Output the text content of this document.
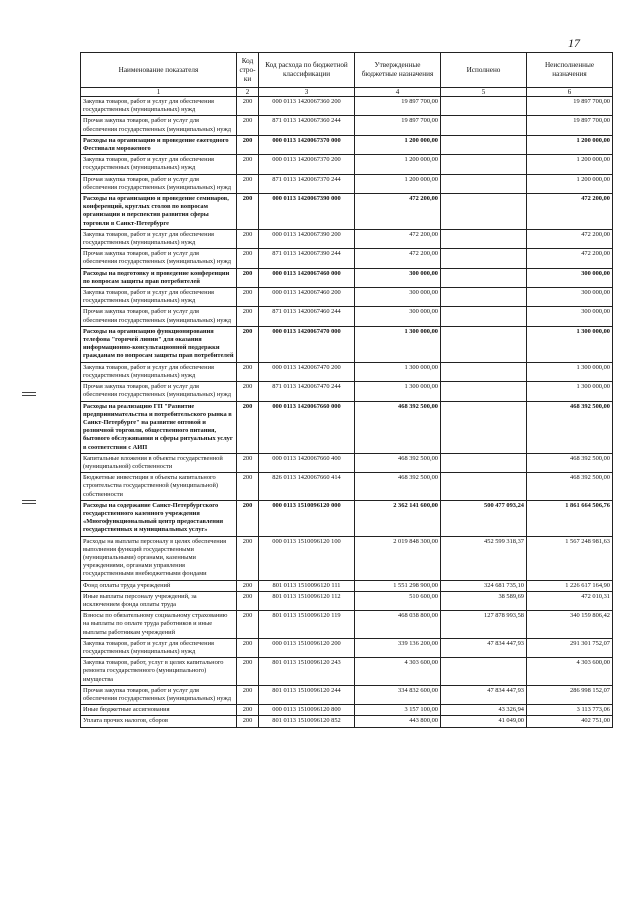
17
Наименование показателя	Код стро-ки	Код расхода по бюджетной классификации	Утвержденные бюджетные назначения	Исполнено	Неисполненные назначения
1	2	3	4	5	6
Закупка товаров, работ и услуг для обеспечения государственных (муниципальных) нужд	200	000 0113 1420067360 200	19 897 700,00		19 897 700,00
Прочая закупка товаров, работ и услуг для обеспечения государственных (муниципальных) нужд	200	871 0113 1420067360 244	19 897 700,00		19 897 700,00
Расходы на организацию и проведение ежегодного Фестиваля мороженого	200	000 0113 1420067370 000	1 200 000,00		1 200 000,00
Закупка товаров, работ и услуг для обеспечения государственных (муниципальных) нужд	200	000 0113 1420067370 200	1 200 000,00		1 200 000,00
Прочая закупка товаров, работ и услуг для обеспечения государственных (муниципальных) нужд	200	871 0113 1420067370 244	1 200 000,00		1 200 000,00
Расходы на организацию и проведение семинаров, конференций, круглых столов по вопросам организации и перспектив развития сферы торговли в Санкт-Петербурге	200	000 0113 1420067390 000	472 200,00		472 200,00
Закупка товаров, работ и услуг для обеспечения государственных (муниципальных) нужд	200	000 0113 1420067390 200	472 200,00		472 200,00
Прочая закупка товаров, работ и услуг для обеспечения государственных (муниципальных) нужд	200	871 0113 1420067390 244	472 200,00		472 200,00
Расходы на подготовку и проведение конференции по вопросам защиты прав потребителей	200	000 0113 1420067460 000	300 000,00		300 000,00
Закупка товаров, работ и услуг для обеспечения государственных (муниципальных) нужд	200	000 0113 1420067460 200	300 000,00		300 000,00
Прочая закупка товаров, работ и услуг для обеспечения государственных (муниципальных) нужд	200	871 0113 1420067460 244	300 000,00		300 000,00
Расходы на организацию функционирования телефона "горячей линии" для оказания информационно-консультационной поддержки гражданам по вопросам защиты прав потребителей	200	000 0113 1420067470 000	1 300 000,00		1 300 000,00
Закупка товаров, работ и услуг для обеспечения государственных (муниципальных) нужд	200	000 0113 1420067470 200	1 300 000,00		1 300 000,00
Прочая закупка товаров, работ и услуг для обеспечения государственных (муниципальных) нужд	200	871 0113 1420067470 244	1 300 000,00		1 300 000,00
Расходы на реализацию ГП "Развитие предпринимательства и потребительского рынка в Санкт-Петербурге" на развитие оптовой и розничной торговли, общественного питания, бытового обслуживания и сферы ритуальных услуг в соответствии с АИП	200	000 0113 1420067660 000	468 392 500,00		468 392 500,00
Капитальные вложения в объекты государственной (муниципальной) собственности	200	000 0113 1420067660 400	468 392 500,00		468 392 500,00
Бюджетные инвестиции в объекты капитального строительства государственной (муниципальной) собственности	200	826 0113 1420067660 414	468 392 500,00		468 392 500,00
Расходы на содержание Санкт-Петербургского государственного казенного учреждения «Многофункциональный центр предоставления государственных и муниципальных услуг»	200	000 0113 1510096120 000	2 362 141 600,00	500 477 093,24	1 861 664 506,76
Расходы на выплаты персоналу в целях обеспечения выполнения функций государственными (муниципальными) органами, казенными учреждениями, органами управления государственными внебюджетными фондами	200	000 0113 1510096120 100	2 019 848 300,00	452 599 318,37	1 567 248 981,63
Фонд оплаты труда учреждений	200	801 0113 1510096120 111	1 551 298 900,00	324 681 735,10	1 226 617 164,90
Иные выплаты персоналу учреждений, за исключением фонда оплаты труда	200	801 0113 1510096120 112	510 600,00	38 589,69	472 010,31
Взносы по обязательному социальному страхованию на выплаты по оплате труда работников и иные выплаты работникам учреждений	200	801 0113 1510096120 119	468 038 800,00	127 878 993,58	340 159 806,42
Закупка товаров, работ и услуг для обеспечения государственных (муниципальных) нужд	200	000 0113 1510096120 200	339 136 200,00	47 834 447,93	291 301 752,07
Закупка товаров, работ, услуг в целях капитального ремонта государственного (муниципального) имущества	200	801 0113 1510096120 243	4 303 600,00		4 303 600,00
Прочая закупка товаров, работ и услуг для обеспечения государственных (муниципальных) нужд	200	801 0113 1510096120 244	334 832 600,00	47 834 447,93	286 998 152,07
Иные бюджетные ассигнования	200	000 0113 1510096120 800	3 157 100,00	43 326,94	3 113 773,06
Уплата прочих налогов, сборов	200	801 0113 1510096120 852	443 800,00	41 049,00	402 751,00
